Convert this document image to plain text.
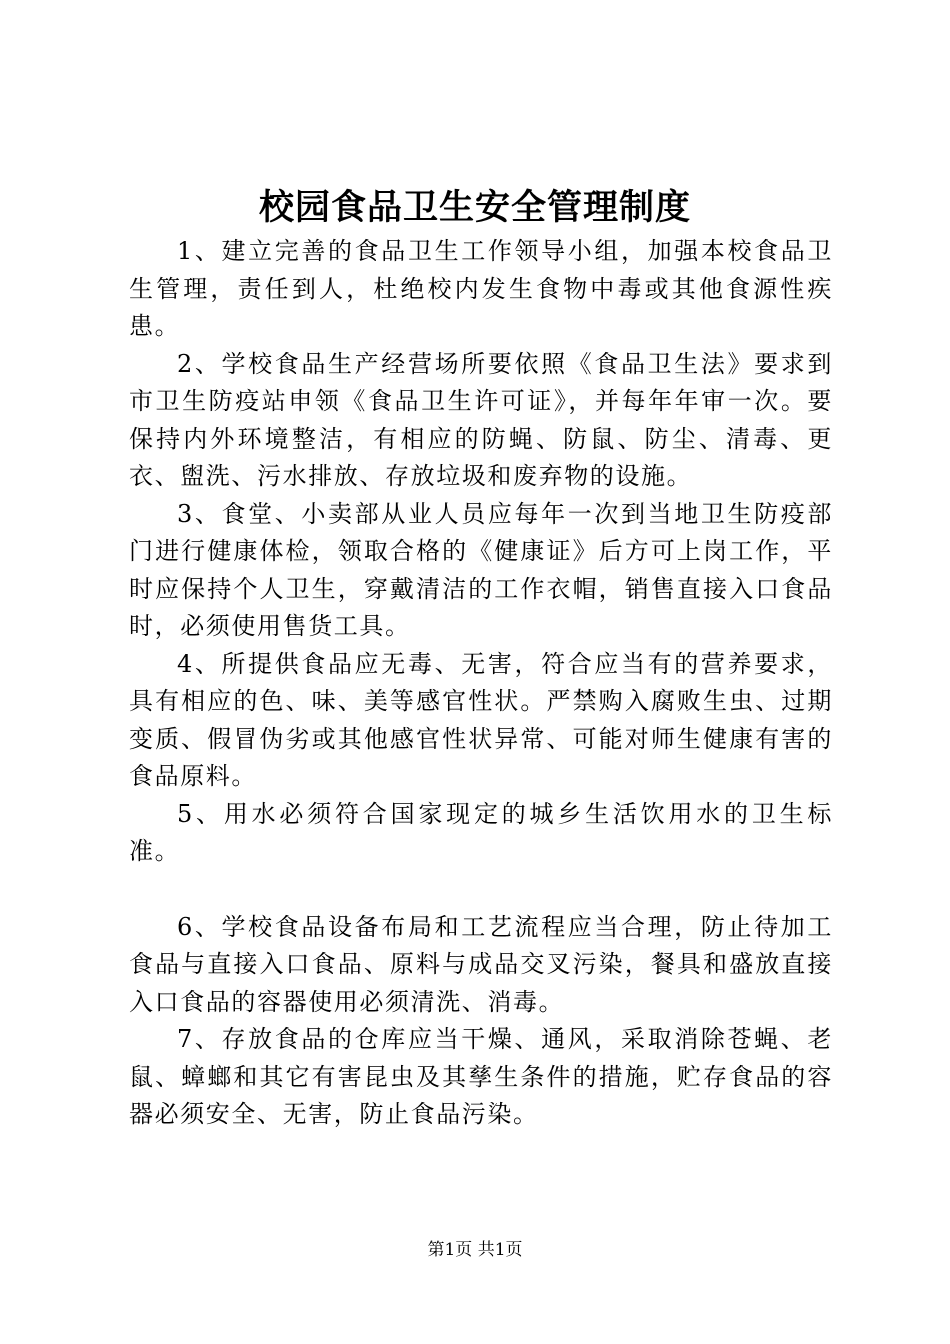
校园食品卫生安全管理制度

1、建立完善的食品卫生工作领导小组，加强本校食品卫生管理，责任到人，杜绝校内发生食物中毒或其他食源性疾患。

2、学校食品生产经营场所要依照《食品卫生法》要求到市卫生防疫站申领《食品卫生许可证》，并每年年审一次。要保持内外环境整洁，有相应的防蝇、防鼠、防尘、清毒、更衣、盥洗、污水排放、存放垃圾和废弃物的设施。

3、食堂、小卖部从业人员应每年一次到当地卫生防疫部门进行健康体检，领取合格的《健康证》后方可上岗工作，平时应保持个人卫生，穿戴清洁的工作衣帽，销售直接入口食品时，必须使用售货工具。

4、所提供食品应无毒、无害，符合应当有的营养要求，具有相应的色、味、美等感官性状。严禁购入腐败生虫、过期变质、假冒伪劣或其他感官性状异常、可能对师生健康有害的食品原料。

5、用水必须符合国家现定的城乡生活饮用水的卫生标准。

6、学校食品设备布局和工艺流程应当合理，防止待加工食品与直接入口食品、原料与成品交叉污染，餐具和盛放直接入口食品的容器使用必须清洗、消毒。

7、存放食品的仓库应当干燥、通风，采取消除苍蝇、老鼠、蟑螂和其它有害昆虫及其孳生条件的措施，贮存食品的容器必须安全、无害，防止食品污染。

第1页 共1页
